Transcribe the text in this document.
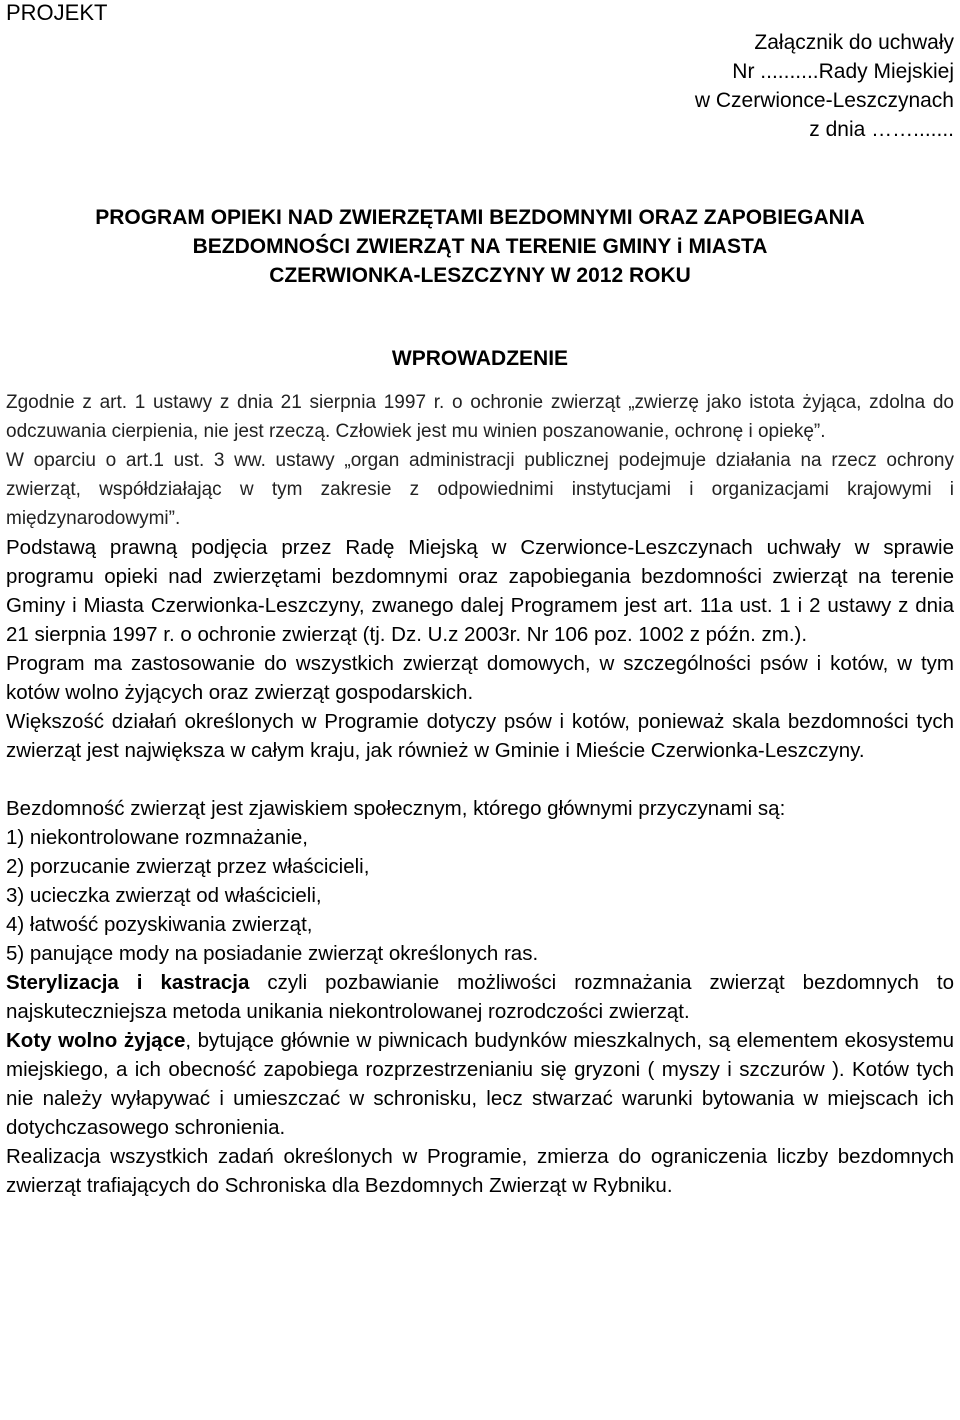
PROJEKT
Załącznik do uchwały
Nr ..........Rady Miejskiej
w Czerwionce-Leszczynach
z dnia …….......
PROGRAM OPIEKI NAD ZWIERZĘTAMI BEZDOMNYMI ORAZ ZAPOBIEGANIA
BEZDOMNOŚCI ZWIERZĄT NA TERENIE GMINY i MIASTA
CZERWIONKA-LESZCZYNY W 2012 ROKU
WPROWADZENIE

Zgodnie z art. 1 ustawy z dnia 21 sierpnia 1997 r. o ochronie zwierząt „zwierzę jako istota żyjąca, zdolna do odczuwania cierpienia, nie jest rzeczą. Człowiek jest mu winien poszanowanie, ochronę i opiekę”.

W oparciu o art.1 ust. 3 ww. ustawy „organ administracji publicznej podejmuje działania na rzecz ochrony zwierząt, współdziałając w tym zakresie z odpowiednimi instytucjami i organizacjami krajowymi i międzynarodowymi”.

Podstawą prawną podjęcia przez Radę Miejską w Czerwionce-Leszczynach uchwały w sprawie programu opieki nad zwierzętami bezdomnymi oraz zapobiegania bezdomności zwierząt na terenie Gminy i Miasta Czerwionka-Leszczyny, zwanego dalej Programem jest art. 11a ust. 1 i 2 ustawy z dnia 21 sierpnia 1997 r. o ochronie zwierząt (tj. Dz. U.z 2003r. Nr 106 poz. 1002 z późn. zm.).

Program ma zastosowanie do wszystkich zwierząt domowych, w szczególności psów i kotów, w tym kotów wolno żyjących oraz zwierząt gospodarskich.

Większość działań określonych w Programie dotyczy psów i kotów, ponieważ skala bezdomności tych zwierząt jest największa w całym kraju, jak również w Gminie i Mieście Czerwionka-Leszczyny.

Bezdomność zwierząt jest zjawiskiem społecznym, którego głównymi przyczynami są:

1) niekontrolowane rozmnażanie,
2) porzucanie zwierząt przez właścicieli,
3) ucieczka zwierząt od właścicieli,
4) łatwość pozyskiwania zwierząt,
5) panujące mody na posiadanie zwierząt określonych ras.

Sterylizacja i kastracja czyli pozbawianie możliwości rozmnażania zwierząt bezdomnych to najskuteczniejsza metoda unikania niekontrolowanej rozrodczości zwierząt.

Koty wolno żyjące, bytujące głównie w piwnicach budynków mieszkalnych, są elementem ekosystemu miejskiego, a ich obecność zapobiega rozprzestrzenianiu się gryzoni ( myszy i szczurów ). Kotów tych nie należy wyłapywać i umieszczać w schronisku, lecz stwarzać warunki bytowania w miejscach ich dotychczasowego schronienia.

Realizacja wszystkich zadań określonych w Programie, zmierza do ograniczenia liczby bezdomnych zwierząt trafiających do Schroniska dla Bezdomnych Zwierząt w Rybniku.
